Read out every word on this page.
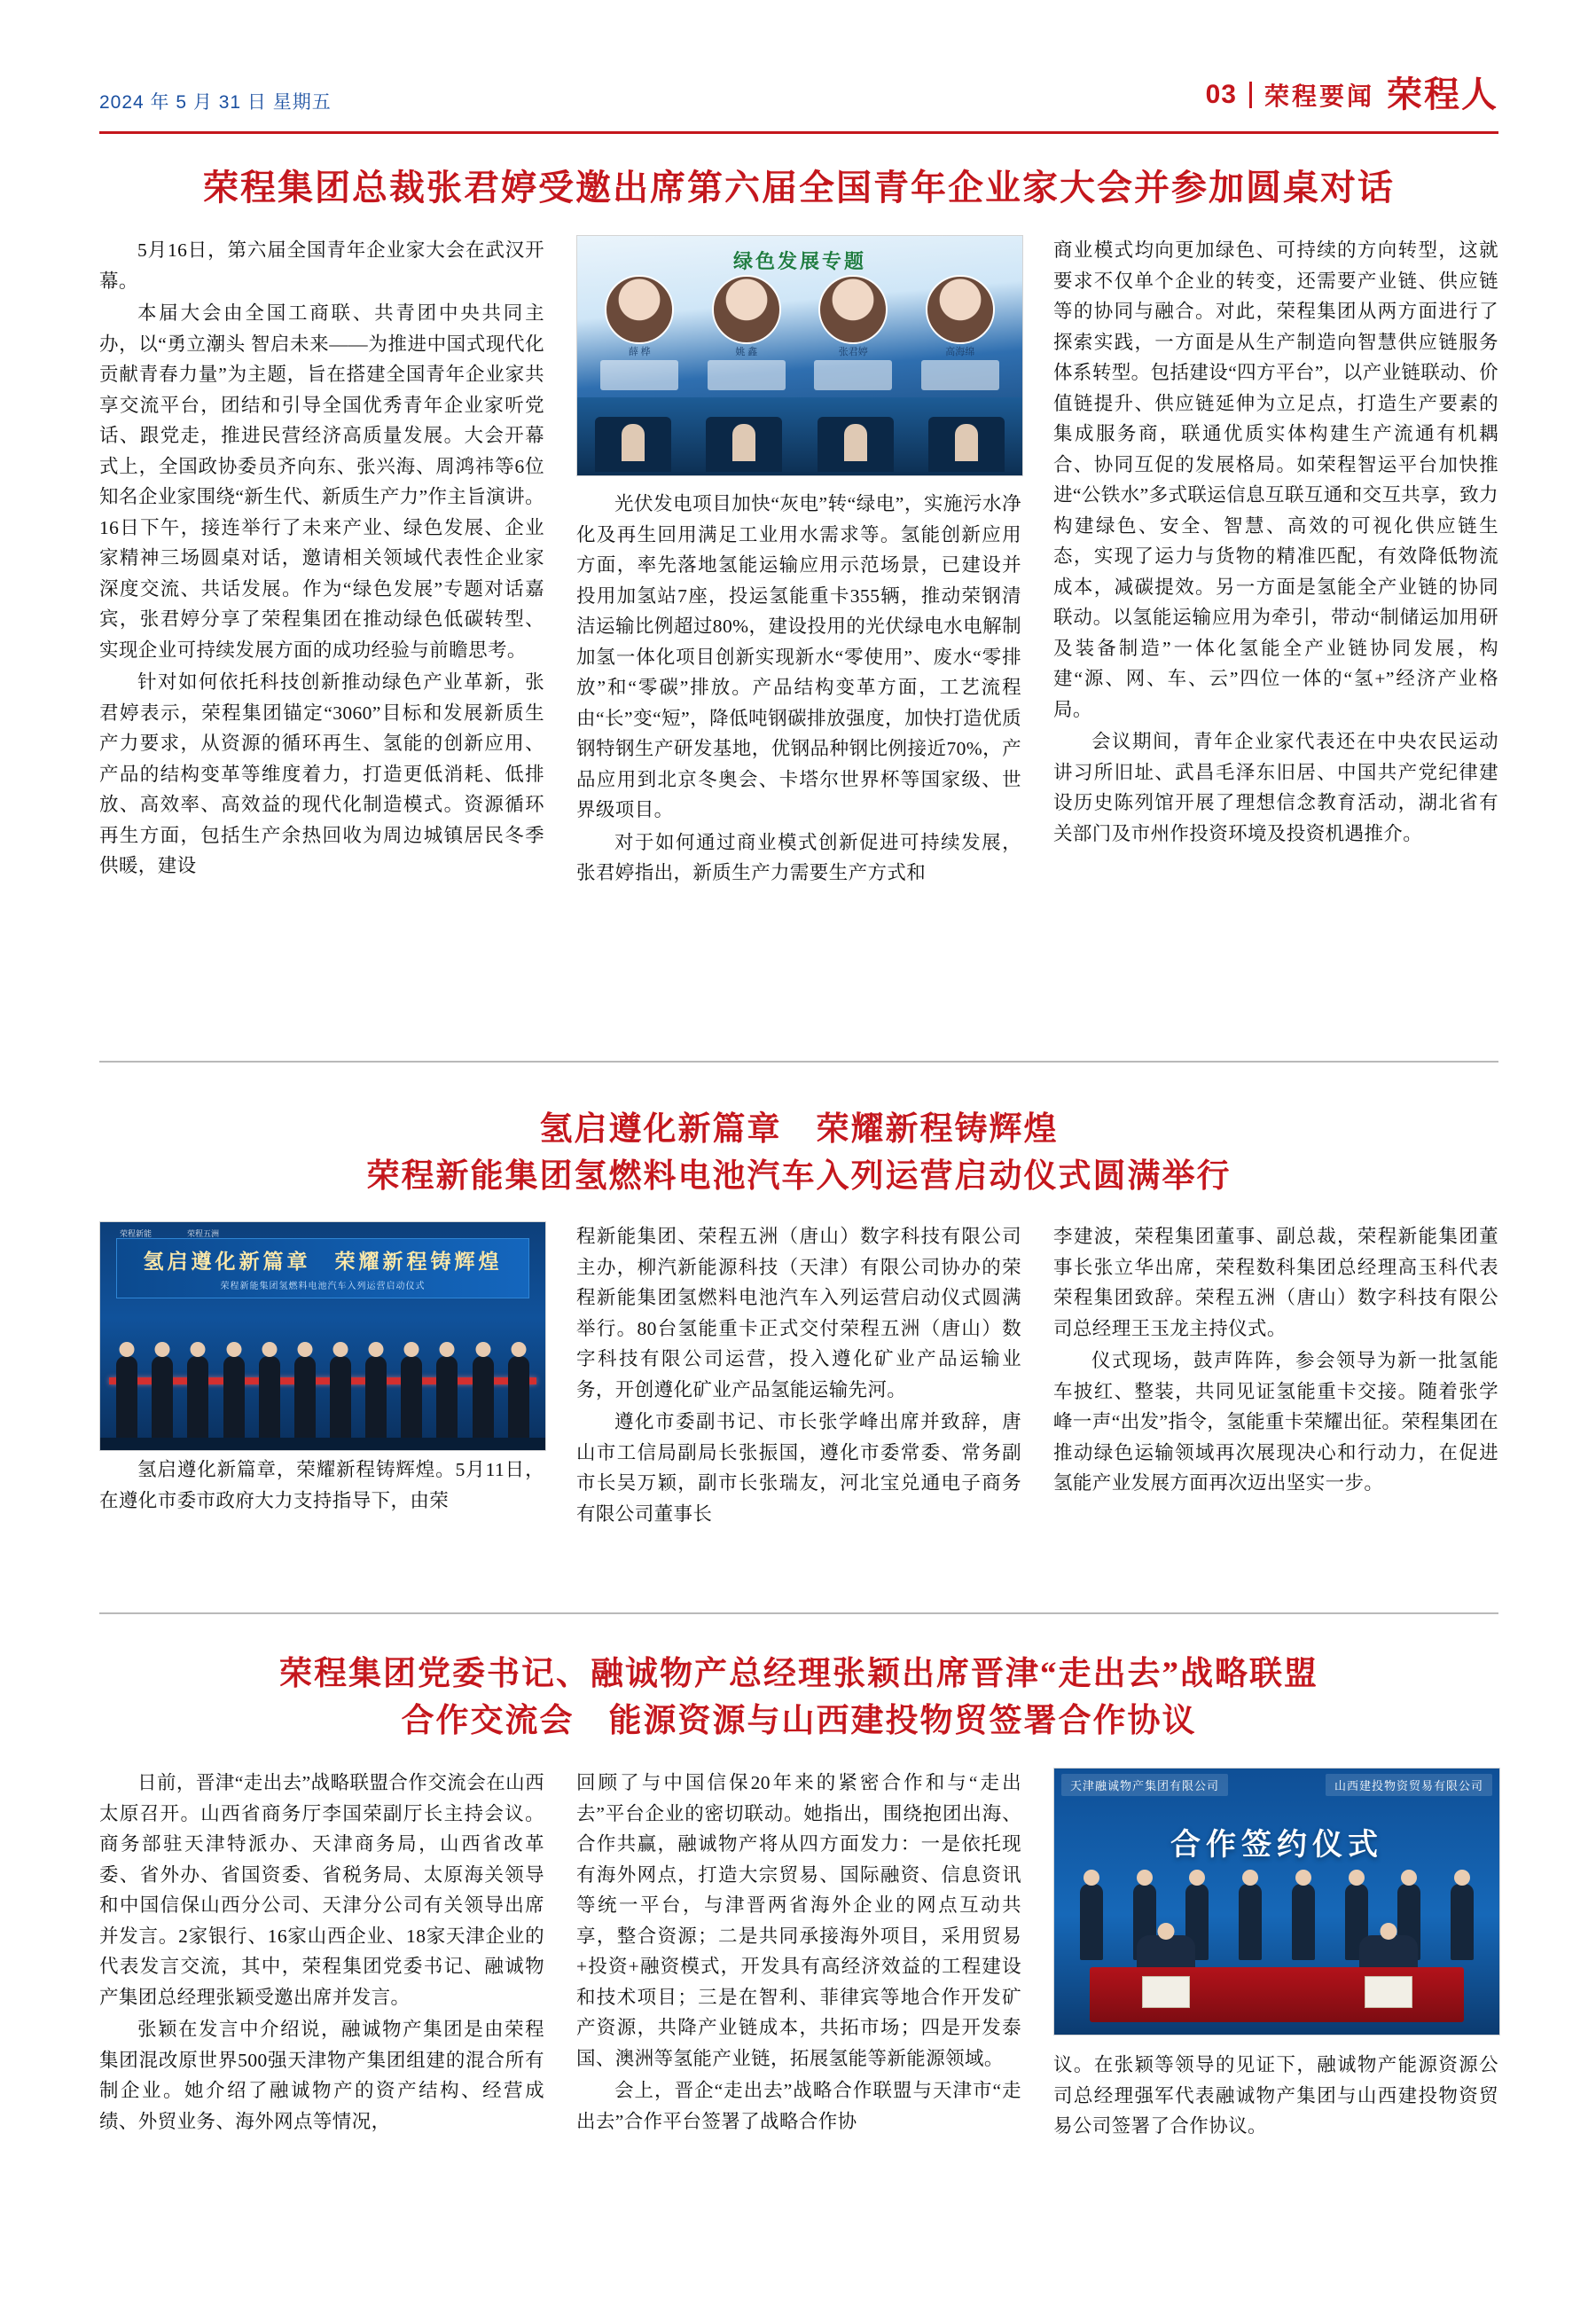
2024 年 5 月 31 日 星期五	03 荣程要闻 荣程人
荣程集团总裁张君婷受邀出席第六届全国青年企业家大会并参加圆桌对话

5月16日，第六届全国青年企业家大会在武汉开幕。

本届大会由全国工商联、共青团中央共同主办，以“勇立潮头 智启未来——为推进中国式现代化贡献青春力量”为主题，旨在搭建全国青年企业家共享交流平台，团结和引导全国优秀青年企业家听党话、跟党走，推进民营经济高质量发展。大会开幕式上，全国政协委员齐向东、张兴海、周鸿祎等6位知名企业家围绕“新生代、新质生产力”作主旨演讲。16日下午，接连举行了未来产业、绿色发展、企业家精神三场圆桌对话，邀请相关领域代表性企业家深度交流、共话发展。作为“绿色发展”专题对话嘉宾，张君婷分享了荣程集团在推动绿色低碳转型、实现企业可持续发展方面的成功经验与前瞻思考。

针对如何依托科技创新推动绿色产业革新，张君婷表示，荣程集团锚定“3060”目标和发展新质生产力要求，从资源的循环再生、氢能的创新应用、产品的结构变革等维度着力，打造更低消耗、低排放、高效率、高效益的现代化制造模式。资源循环再生方面，包括生产余热回收为周边城镇居民冬季供暖，建设

绿色发展专题
薛 桦	姚 鑫	张君婷	高海绵

光伏发电项目加快“灰电”转“绿电”，实施污水净化及再生回用满足工业用水需求等。氢能创新应用方面，率先落地氢能运输应用示范场景，已建设并投用加氢站7座，投运氢能重卡355辆，推动荣钢清洁运输比例超过80%，建设投用的光伏绿电水电解制加氢一体化项目创新实现新水“零使用”、废水“零排放”和“零碳”排放。产品结构变革方面，工艺流程由“长”变“短”，降低吨钢碳排放强度，加快打造优质钢特钢生产研发基地，优钢品种钢比例接近70%，产品应用到北京冬奥会、卡塔尔世界杯等国家级、世界级项目。

对于如何通过商业模式创新促进可持续发展，张君婷指出，新质生产力需要生产方式和

商业模式均向更加绿色、可持续的方向转型，这就要求不仅单个企业的转变，还需要产业链、供应链等的协同与融合。对此，荣程集团从两方面进行了探索实践，一方面是从生产制造向智慧供应链服务体系转型。包括建设“四方平台”，以产业链联动、价值链提升、供应链延伸为立足点，打造生产要素的集成服务商，联通优质实体构建生产流通有机耦合、协同互促的发展格局。如荣程智运平台加快推进“公铁水”多式联运信息互联互通和交互共享，致力构建绿色、安全、智慧、高效的可视化供应链生态，实现了运力与货物的精准匹配，有效降低物流成本，减碳提效。另一方面是氢能全产业链的协同联动。以氢能运输应用为牵引，带动“制储运加用研及装备制造”一体化氢能全产业链协同发展，构建“源、网、车、云”四位一体的“氢+”经济产业格局。

会议期间，青年企业家代表还在中央农民运动讲习所旧址、武昌毛泽东旧居、中国共产党纪律建设历史陈列馆开展了理想信念教育活动，湖北省有关部门及市州作投资环境及投资机遇推介。

氢启遵化新篇章　荣耀新程铸辉煌
荣程新能集团氢燃料电池汽车入列运营启动仪式圆满举行
荣程新能	荣程五洲
氢启遵化新篇章　荣耀新程铸辉煌
荣程新能集团氢燃料电池汽车入列运营启动仪式

氢启遵化新篇章，荣耀新程铸辉煌。5月11日，在遵化市委市政府大力支持指导下，由荣

程新能集团、荣程五洲（唐山）数字科技有限公司主办，柳汽新能源科技（天津）有限公司协办的荣程新能集团氢燃料电池汽车入列运营启动仪式圆满举行。80台氢能重卡正式交付荣程五洲（唐山）数字科技有限公司运营，投入遵化矿业产品运输业务，开创遵化矿业产品氢能运输先河。

遵化市委副书记、市长张学峰出席并致辞，唐山市工信局副局长张振国，遵化市委常委、常务副市长吴万颖，副市长张瑞友，河北宝兑通电子商务有限公司董事长

李建波，荣程集团董事、副总裁，荣程新能集团董事长张立华出席，荣程数科集团总经理高玉科代表荣程集团致辞。荣程五洲（唐山）数字科技有限公司总经理王玉龙主持仪式。

仪式现场，鼓声阵阵，参会领导为新一批氢能车披红、整装，共同见证氢能重卡交接。随着张学峰一声“出发”指令，氢能重卡荣耀出征。荣程集团在推动绿色运输领域再次展现决心和行动力，在促进氢能产业发展方面再次迈出坚实一步。

荣程集团党委书记、融诚物产总经理张颖出席晋津“走出去”战略联盟
合作交流会　能源资源与山西建投物贸签署合作协议

日前，晋津“走出去”战略联盟合作交流会在山西太原召开。山西省商务厅李国荣副厅长主持会议。商务部驻天津特派办、天津商务局，山西省改革委、省外办、省国资委、省税务局、太原海关领导和中国信保山西分公司、天津分公司有关领导出席并发言。2家银行、16家山西企业、18家天津企业的代表发言交流，其中，荣程集团党委书记、融诚物产集团总经理张颖受邀出席并发言。

张颖在发言中介绍说，融诚物产集团是由荣程集团混改原世界500强天津物产集团组建的混合所有制企业。她介绍了融诚物产的资产结构、经营成绩、外贸业务、海外网点等情况，

回顾了与中国信保20年来的紧密合作和与“走出去”平台企业的密切联动。她指出，围绕抱团出海、合作共赢，融诚物产将从四方面发力：一是依托现有海外网点，打造大宗贸易、国际融资、信息资讯等统一平台，与津晋两省海外企业的网点互动共享，整合资源；二是共同承接海外项目，采用贸易+投资+融资模式，开发具有高经济效益的工程建设和技术项目；三是在智利、菲律宾等地合作开发矿产资源，共降产业链成本，共拓市场；四是开发泰国、澳洲等氢能产业链，拓展氢能等新能源领域。

会上，晋企“走出去”战略合作联盟与天津市“走出去”合作平台签署了战略合作协

天津融诚物产集团有限公司	山西建投物资贸易有限公司
合作签约仪式

议。在张颖等领导的见证下，融诚物产能源资源公司总经理强军代表融诚物产集团与山西建投物资贸易公司签署了合作协议。
